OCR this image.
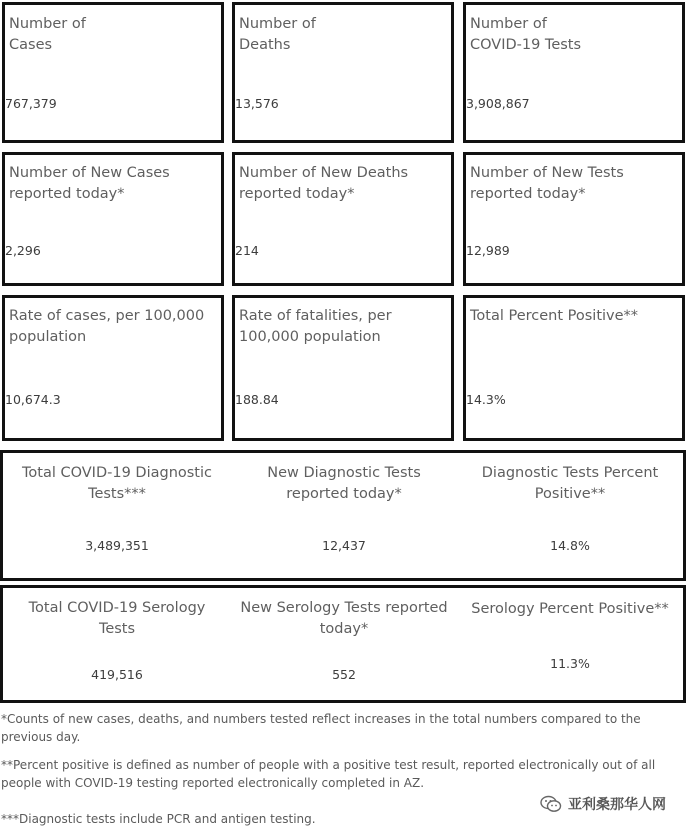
Number of
Cases
767,379
Number of
Deaths
13,576
Number of
COVID-19 Tests
3,908,867
Number of New Cases
reported today*
2,296
Number of New Deaths
reported today*
214
Number of New Tests
reported today*
12,989
Rate of cases, per 100,000
population
10,674.3
Rate of fatalities, per
100,000 population
188.84
Total Percent Positive**
14.3%
Total COVID-19 Diagnostic
Tests***
3,489,351
New Diagnostic Tests
reported today*
12,437
Diagnostic Tests Percent
Positive**
14.8%
Total COVID-19 Serology
Tests
419,516
New Serology Tests reported
today*
552
Serology Percent Positive**
11.3%
*Counts of new cases, deaths, and numbers tested reflect increases in the total numbers compared to the previous day.
**Percent positive is defined as number of people with a positive test result, reported electronically out of all people with COVID-19 testing reported electronically completed in AZ.
***Diagnostic tests include PCR and antigen testing.
亚利桑那华人网
